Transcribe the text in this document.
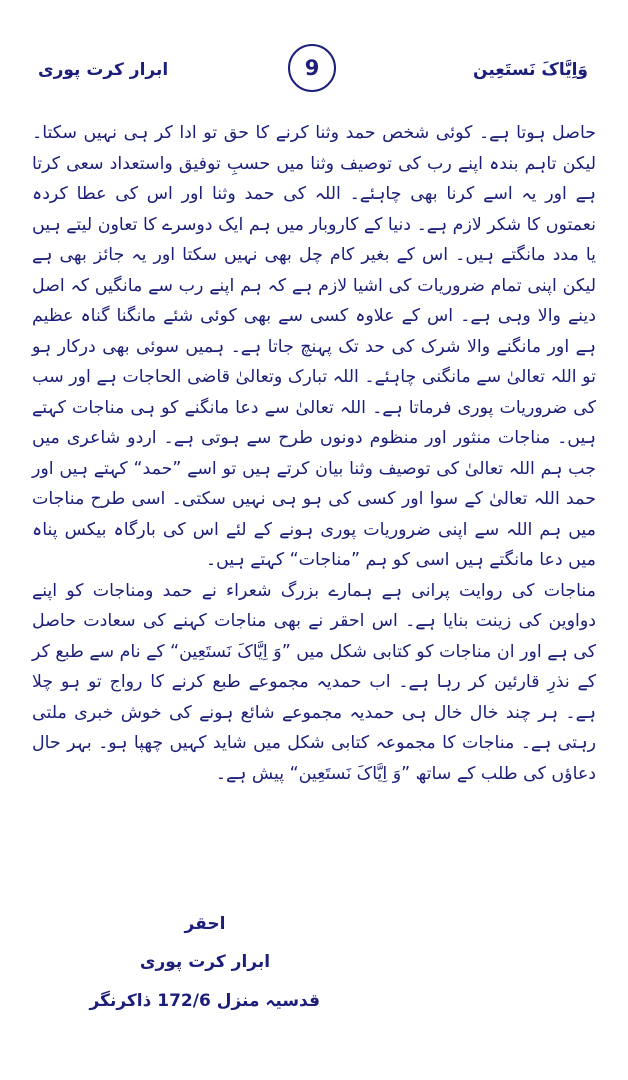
ابرار کرت پوری	9	وَاِیَّاکَ نَستَعِین

حاصل ہوتا ہے۔ کوئی شخص حمد وثنا کرنے کا حق تو ادا کر ہی نہیں سکتا۔ لیکن تاہم بندہ اپنے رب کی توصیف وثنا میں حسبِ توفیق واستعداد سعی کرتا ہے اور یہ اسے کرنا بھی چاہئے۔ اللہ کی حمد وثنا اور اس کی عطا کردہ نعمتوں کا شکر لازم ہے۔ دنیا کے کاروبار میں ہم ایک دوسرے کا تعاون لیتے ہیں یا مدد مانگتے ہیں۔ اس کے بغیر کام چل بھی نہیں سکتا اور یہ جائز بھی ہے لیکن اپنی تمام ضروریات کی اشیا لازم ہے کہ ہم اپنے رب سے مانگیں کہ اصل دینے والا وہی ہے۔ اس کے علاوہ کسی سے بھی کوئی شئے مانگنا گناہ عظیم ہے اور مانگنے والا شرک کی حد تک پہنچ جاتا ہے۔ ہمیں سوئی بھی درکار ہو تو اللہ تعالیٰ سے مانگنی چاہئے۔ اللہ تبارک وتعالیٰ قاضی الحاجات ہے اور سب کی ضروریات پوری فرماتا ہے۔ اللہ تعالیٰ سے دعا مانگنے کو ہی مناجات کہتے ہیں۔ مناجات منثور اور منظوم دونوں طرح سے ہوتی ہے۔ اردو شاعری میں جب ہم اللہ تعالیٰ کی توصیف وثنا بیان کرتے ہیں تو اسے ”حمد“ کہتے ہیں اور حمد اللہ تعالیٰ کے سوا اور کسی کی ہو ہی نہیں سکتی۔ اسی طرح مناجات میں ہم اللہ سے اپنی ضروریات پوری ہونے کے لئے اس کی بارگاہ بیکس پناہ میں دعا مانگتے ہیں اسی کو ہم ”مناجات“ کہتے ہیں۔

مناجات کی روایت پرانی ہے ہمارے بزرگ شعراء نے حمد ومناجات کو اپنے دواوین کی زینت بنایا ہے۔ اس احقر نے بھی مناجات کہنے کی سعادت حاصل کی ہے اور ان مناجات کو کتابی شکل میں ”وَ اِیَّاکَ نَستَعِین“ کے نام سے طبع کر کے نذرِ قارئین کر رہا ہے۔ اب حمدیہ مجموعے طبع کرنے کا رواج تو ہو چلا ہے۔ ہر چند خال خال ہی حمدیہ مجموعے شائع ہونے کی خوش خبری ملتی رہتی ہے۔ مناجات کا مجموعہ کتابی شکل میں شاید کہیں چھپا ہو۔ بہر حال دعاؤں کی طلب کے ساتھ ”وَ اِیَّاکَ نَستَعِین“ پیش ہے۔

احقر
ابرار کرت پوری
قدسیہ منزل 172/6 ذاکرنگر
